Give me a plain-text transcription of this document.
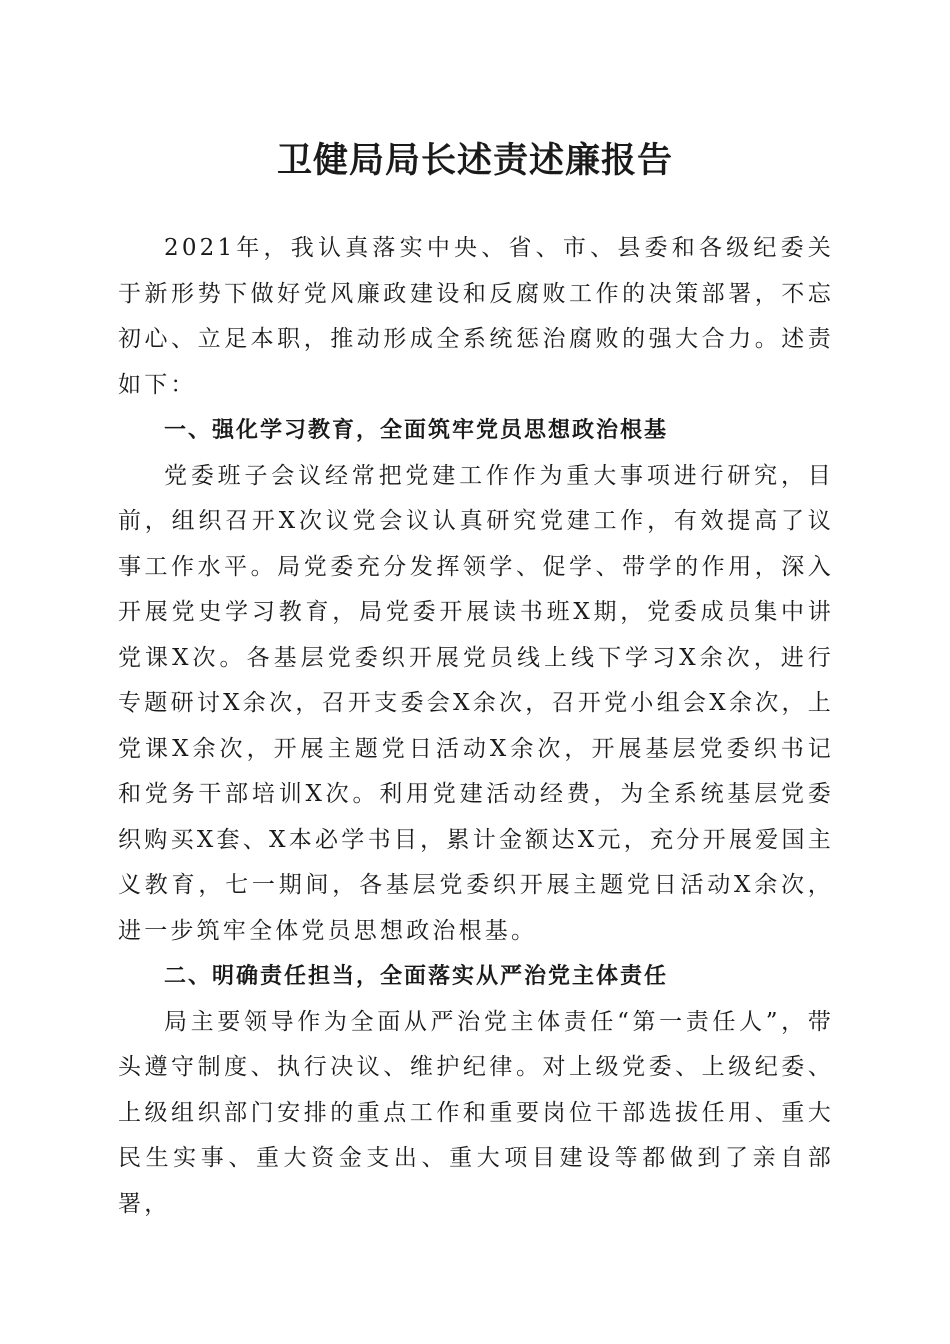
卫健局局长述责述廉报告

2021年，我认真落实中央、省、市、县委和各级纪委关于新形势下做好党风廉政建设和反腐败工作的决策部署，不忘初心、立足本职，推动形成全系统惩治腐败的强大合力。述责如下：

一、强化学习教育，全面筑牢党员思想政治根基

党委班子会议经常把党建工作作为重大事项进行研究，目前，组织召开X次议党会议认真研究党建工作，有效提高了议事工作水平。局党委充分发挥领学、促学、带学的作用，深入开展党史学习教育，局党委开展读书班X期，党委成员集中讲党课X次。各基层党委织开展党员线上线下学习X余次，进行专题研讨X余次，召开支委会X余次，召开党小组会X余次，上党课X余次，开展主题党日活动X余次，开展基层党委织书记和党务干部培训X次。利用党建活动经费，为全系统基层党委织购买X套、X本必学书目，累计金额达X元，充分开展爱国主义教育，七一期间，各基层党委织开展主题党日活动X余次，进一步筑牢全体党员思想政治根基。

二、明确责任担当，全面落实从严治党主体责任

局主要领导作为全面从严治党主体责任“第一责任人”，带头遵守制度、执行决议、维护纪律。对上级党委、上级纪委、上级组织部门安排的重点工作和重要岗位干部选拔任用、重大民生实事、重大资金支出、重大项目建设等都做到了亲自部署，
